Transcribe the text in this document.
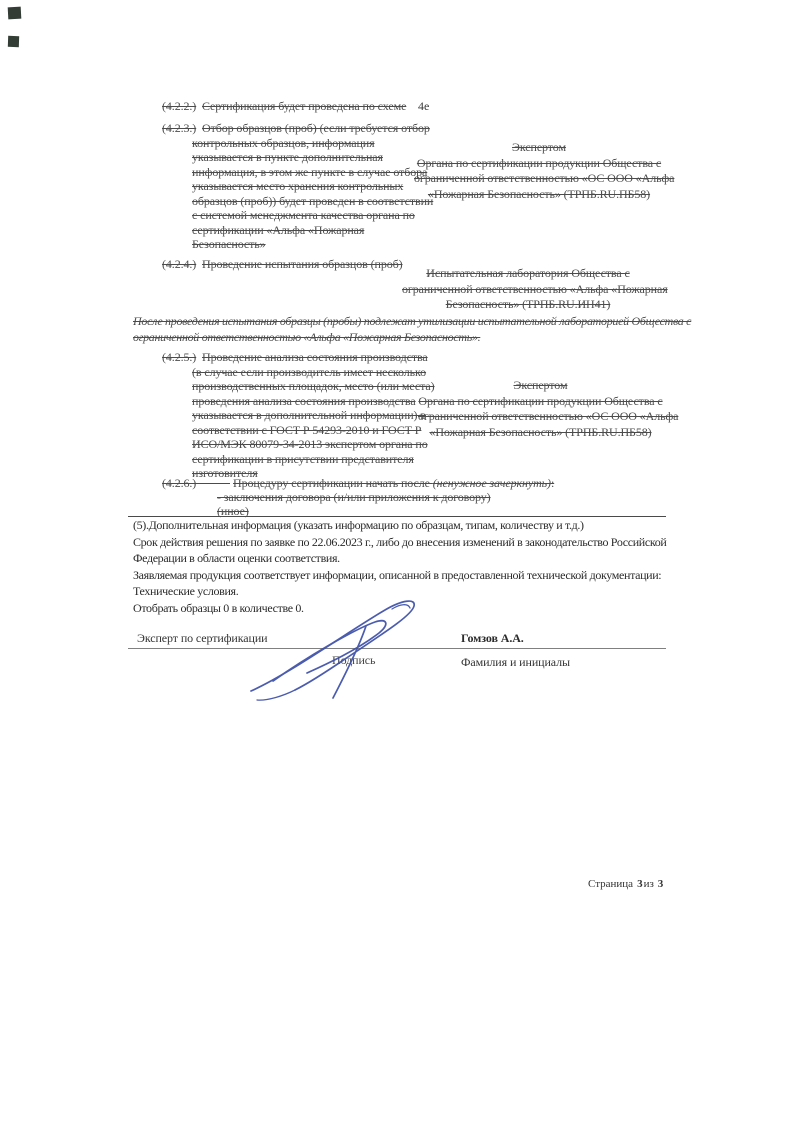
(4.2.2.) Сертификация будет проведена по схеме 4е
(4.2.3.) Отбор образцов (проб) (если требуется отбор
контрольных образцов, информация
указывается в пункте дополнительная
информация, в этом же пункте в случае отбора
указывается место хранения контрольных
образцов (проб)) будет проведен в соответствии
с системой менеджмента качества органа по
сертификации «Альфа «Пожарная
Безопасность»
Экспертом
Органа по сертификации продукции Общества с
ограниченной ответственностью «ОС ООО «Альфа
«Пожарная Безопасность» (ТРПБ.RU.ПБ58)
(4.2.4.) Проведение испытания образцов (проб)
Испытательная лаборатория Общества с
ограниченной ответственностью «Альфа «Пожарная
Безопасность» (ТРПБ.RU.ИН41)
После проведения испытания образцы (пробы) подлежат утилизации испытательной лабораторией Общества с
ограниченной ответственностью «Альфа «Пожарная Безопасность».
(4.2.5.) Проведение анализа состояния производства
(в случае если производитель имеет несколько
производственных площадок, место (или места)
проведения анализа состояния производства
указывается в дополнительной информации) в
соответствии с ГОСТ Р 54293-2010 и ГОСТ Р
ИСО/МЭК 80079-34-2013 экспертом органа по
сертификации в присутствии представителя
изготовителя
Экспертом
Органа по сертификации продукции Общества с
ограниченной ответственностью «ОС ООО «Альфа
«Пожарная Безопасность» (ТРПБ.RU.ПБ58)
(4.2.6.)	Процедуру сертификации начать после (ненужное зачеркнуть):
- заключения договора (и/или приложения к договору)
(иное)
(5).Дополнительная информация (указать информацию по образцам, типам, количеству и т.д.)
Срок действия решения по заявке по 22.06.2023 г., либо до внесения изменений в законодательство Российской
Федерации в области оценки соответствия.
Заявляемая продукция соответствует информации, описанной в предоставленной технической документации:
Технические условия.
Отобрать образцы 0 в количестве 0.
Эксперт по сертификации	Гомзов А.А.
Подпись	Фамилия и инициалы
Страница 3из 3
